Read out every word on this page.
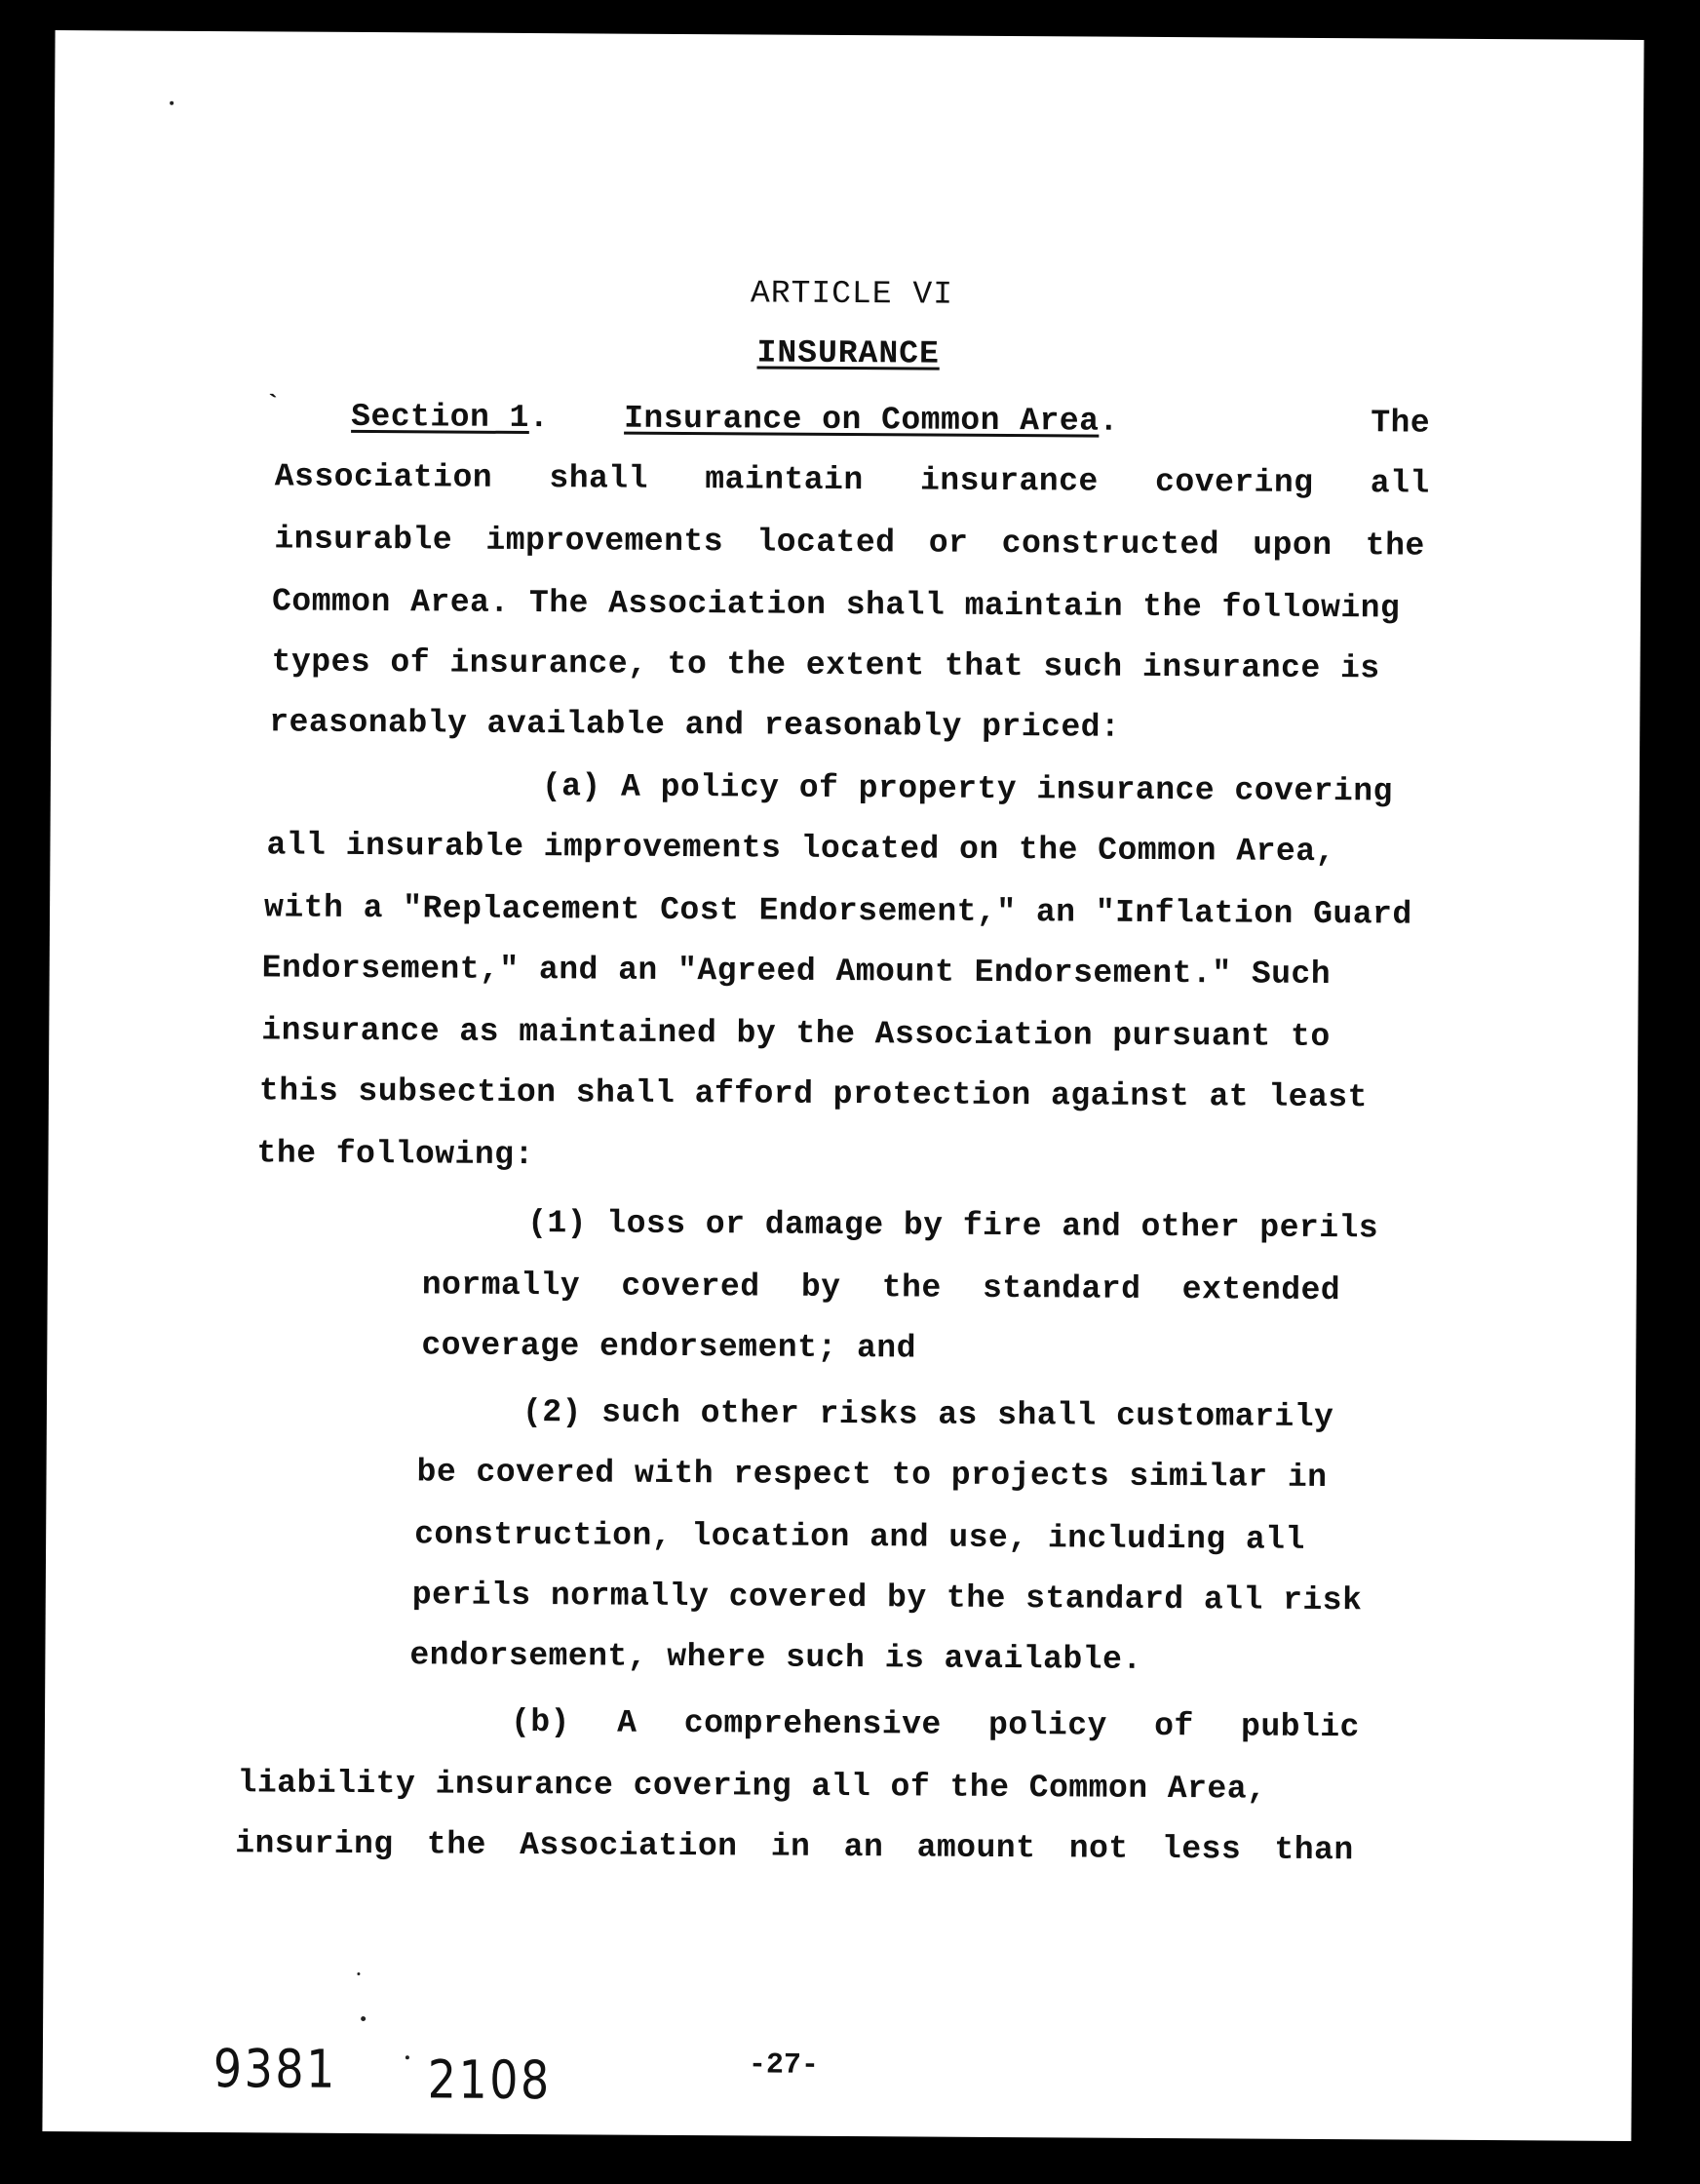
ARTICLE VI
INSURANCE
` Section 1. Insurance on Common Area.	The
Association shall maintain insurance covering all
insurable improvements located or constructed upon the
Common Area. The Association shall maintain the following
types of insurance, to the extent that such insurance is
reasonably available and reasonably priced:
(a) A policy of property insurance covering
all insurable improvements located on the Common Area,
with a "Replacement Cost Endorsement," an "Inflation Guard
Endorsement," and an "Agreed Amount Endorsement." Such
insurance as maintained by the Association pursuant to
this subsection shall afford protection against at least
the following:
(1) loss or damage by fire and other perils
normally covered by the standard extended
coverage endorsement; and
(2) such other risks as shall customarily
be covered with respect to projects similar in
construction, location and use, including all
perils normally covered by the standard all risk
endorsement, where such is available.
(b) A comprehensive policy of public
liability insurance covering all of the Common Area,
insuring the Association in an amount not less than
9381 2108	-27-
